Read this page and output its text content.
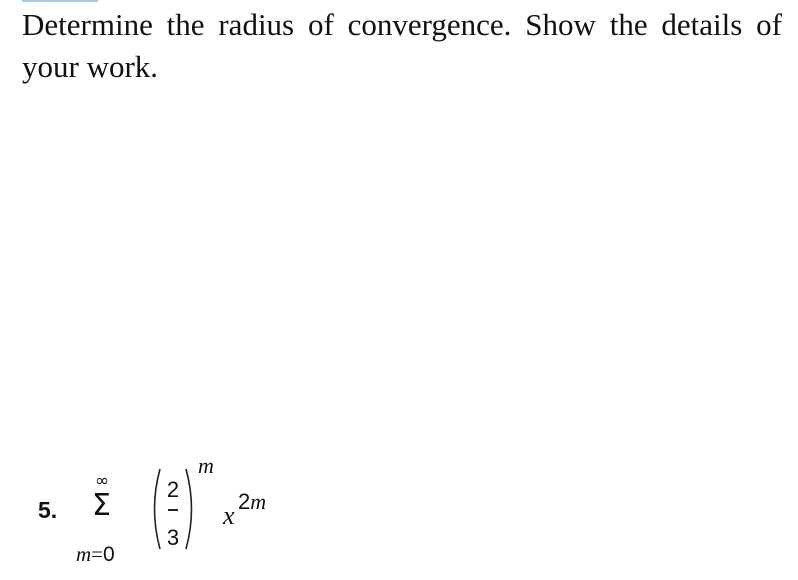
Determine the radius of convergence. Show the details of your work.

5.
∞
Σ
m=0
2
3
m
x 2m
